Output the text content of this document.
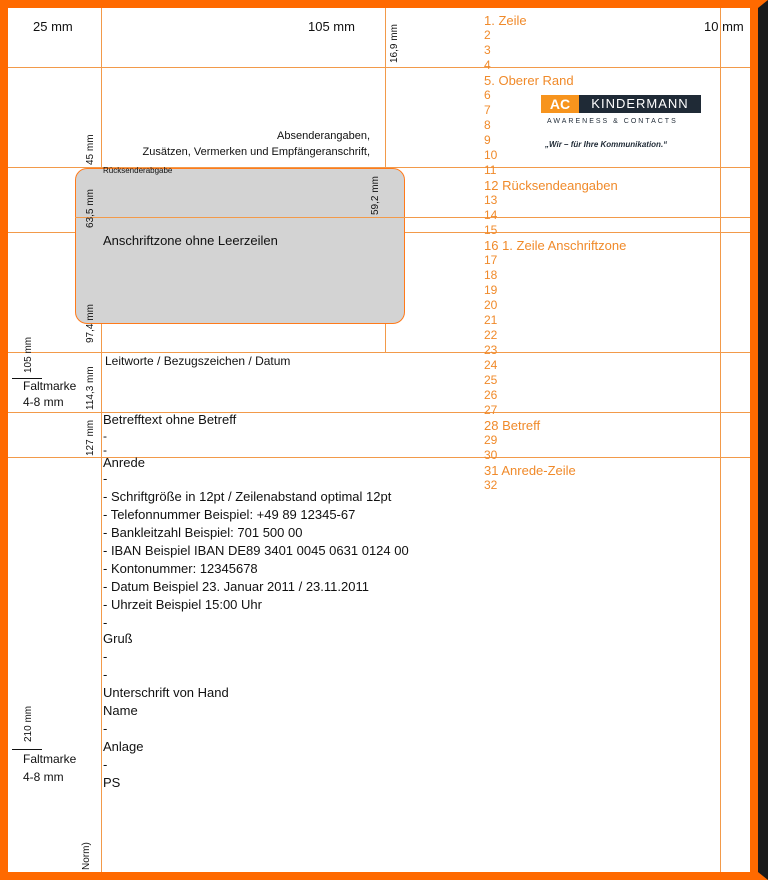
25 mm	105 mm	10 mm
16,9 mm
45 mm
63,5 mm	59,2 mm
97,4 mm
105 mm
114,3 mm
127 mm
210 mm
Norm)
Faltmarke
4-8 mm
Faltmarke
4-8 mm
Absenderangaben,
Zusätzen, Vermerken und Empfängeranschrift,
Rücksenderabgabe
Anschriftzone ohne Leerzeilen
Leitworte / Bezugszeichen / Datum
Betrefftext ohne Betreff
-
-
AC	KINDERMANN
AWARENESS & CONTACTS
„Wir – für Ihre Kommunikation.“
1. Zeile
2
3
4
5. Oberer Rand
6
7
8
9
10
11
12 Rücksendeangaben
13
14
15
16 1. Zeile Anschriftzone
17
18
19
20
21
22
23
24
25
26
27
28 Betreff
29
30
31 Anrede-Zeile
32
Anrede
-
- Schriftgröße in 12pt / Zeilenabstand optimal 12pt
- Telefonnummer Beispiel: +49 89 12345-67
- Bankleitzahl Beispiel: 701 500 00
- IBAN Beispiel IBAN DE89 3401 0045 0631 0124 00
- Kontonummer: 12345678
- Datum Beispiel 23. Januar 2011 / 23.11.2011
- Uhrzeit Beispiel 15:00 Uhr
-
Gruß
-
-
Unterschrift von Hand
Name
-
Anlage
-
PS
